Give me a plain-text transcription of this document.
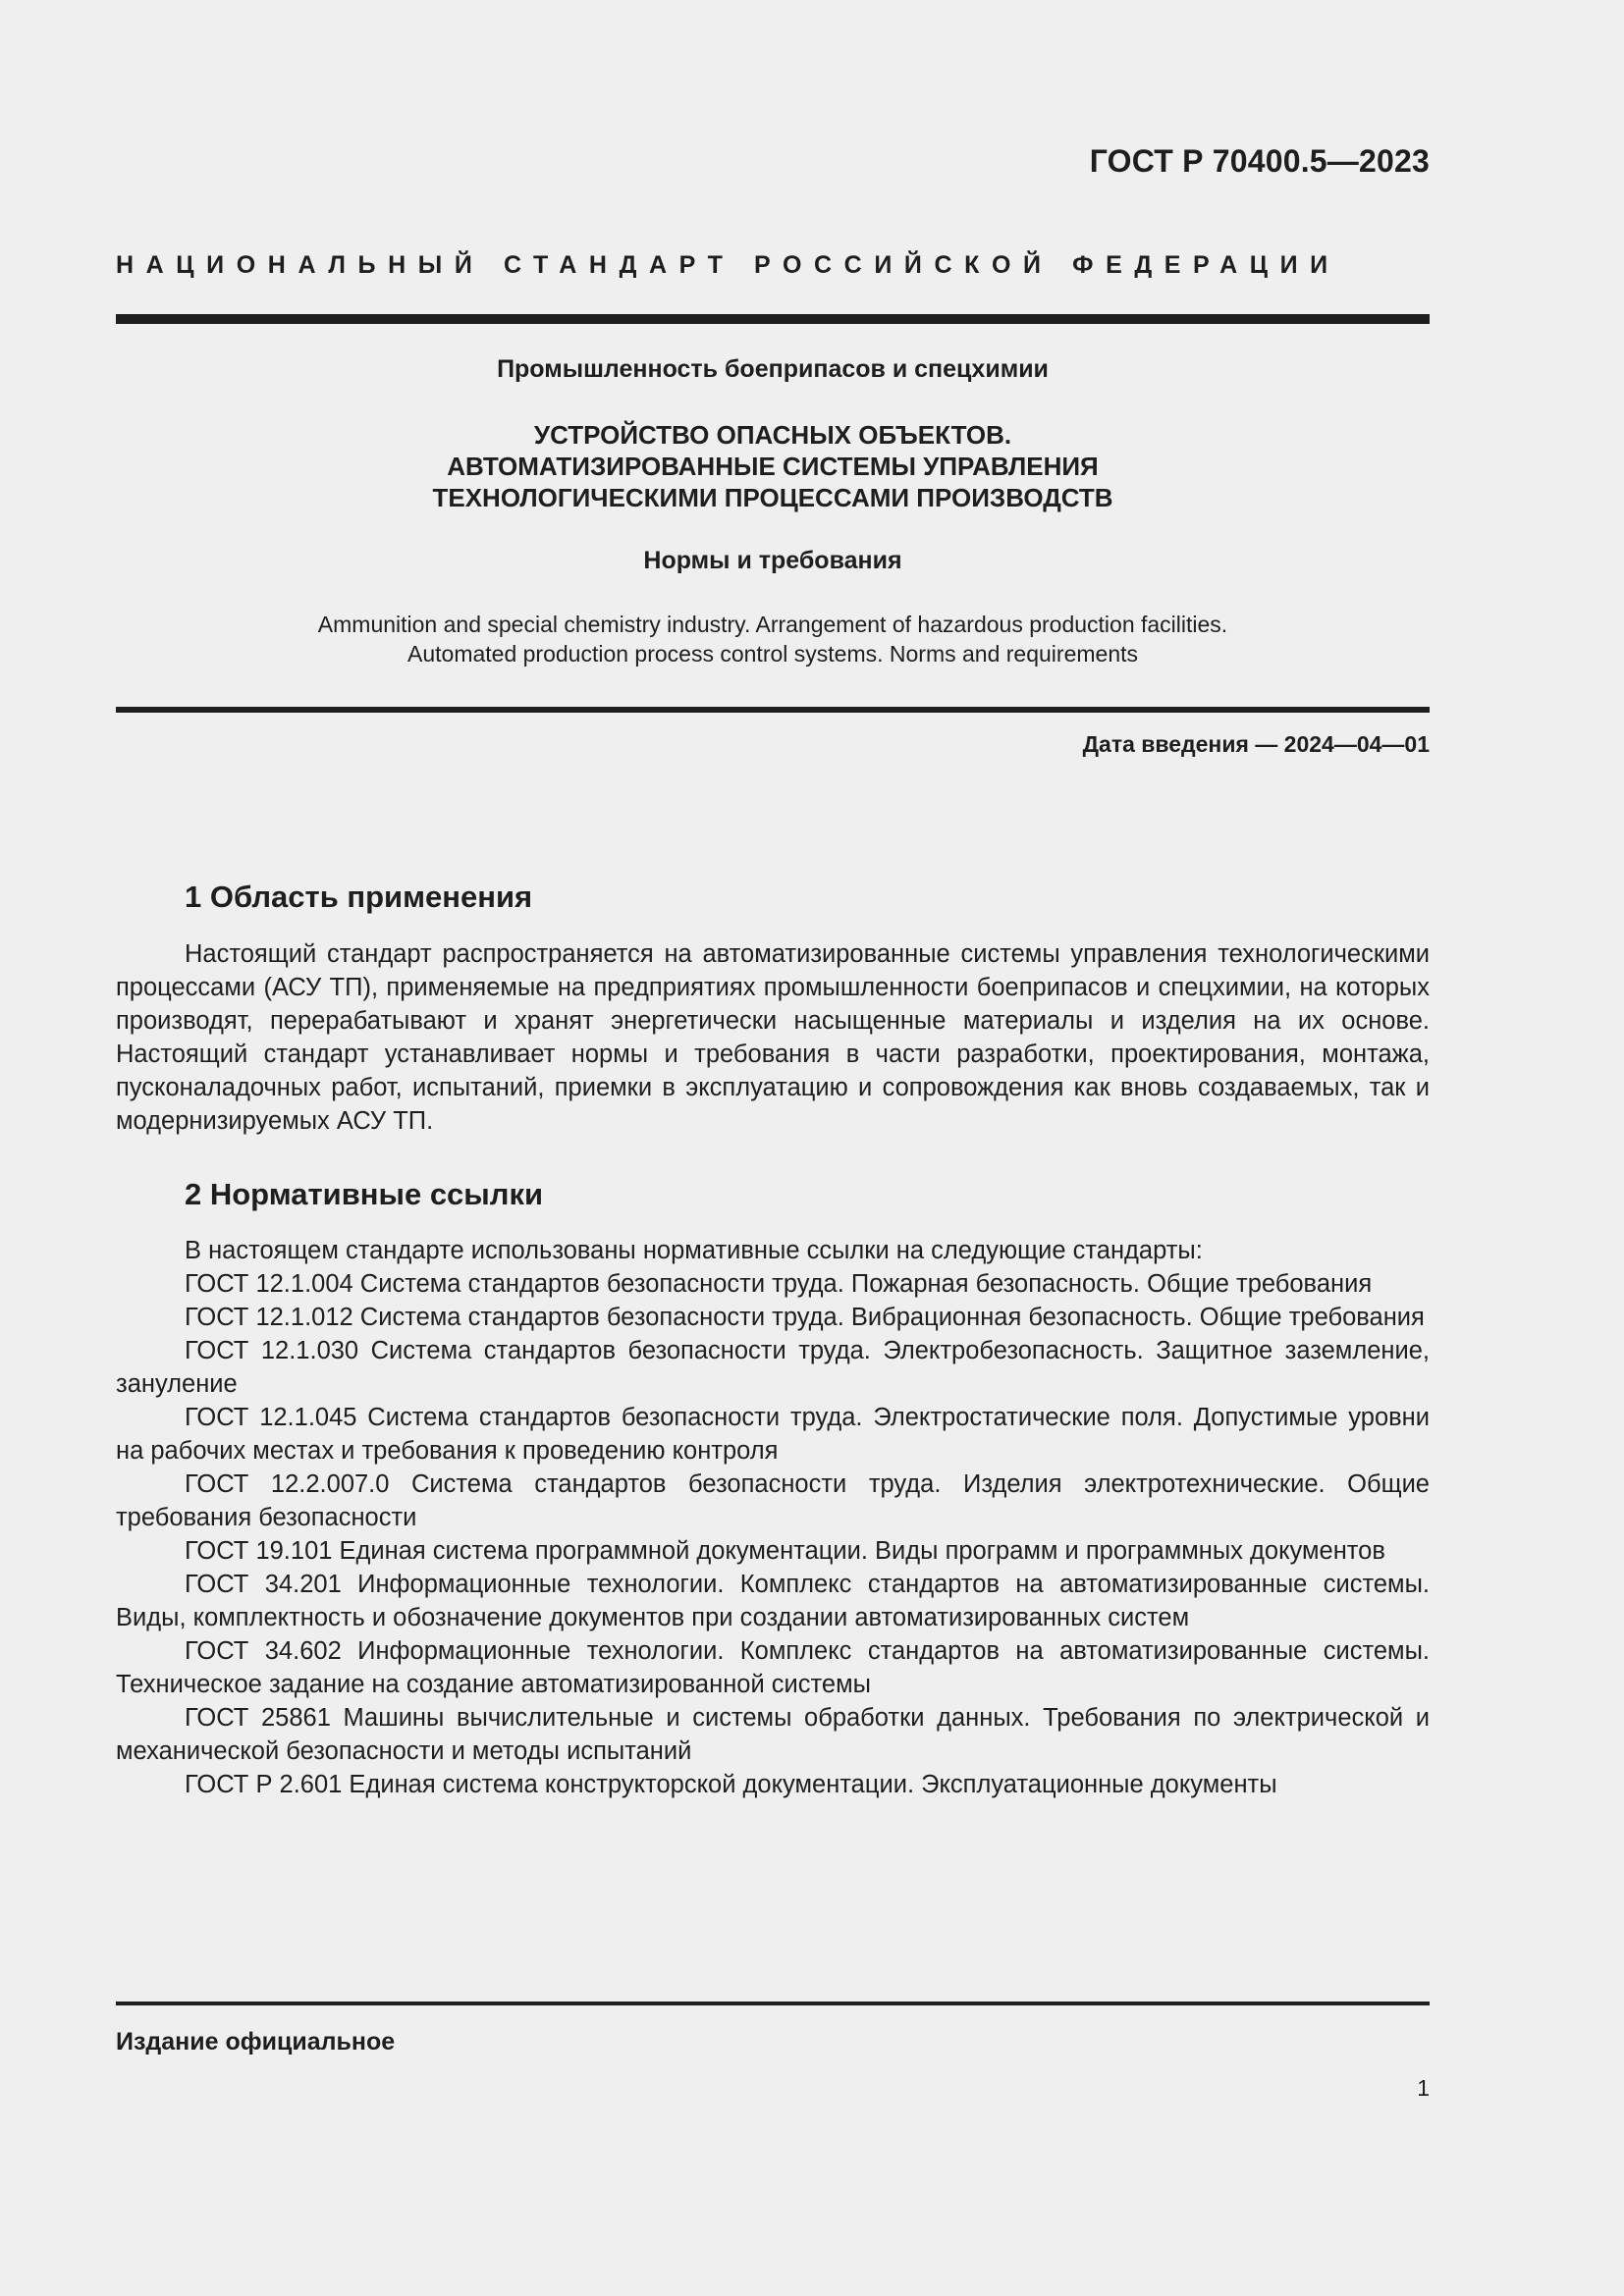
ГОСТ Р 70400.5—2023
НАЦИОНАЛЬНЫЙ СТАНДАРТ РОССИЙСКОЙ ФЕДЕРАЦИИ
Промышленность боеприпасов и спецхимии
УСТРОЙСТВО ОПАСНЫХ ОБЪЕКТОВ.
АВТОМАТИЗИРОВАННЫЕ СИСТЕМЫ УПРАВЛЕНИЯ
ТЕХНОЛОГИЧЕСКИМИ ПРОЦЕССАМИ ПРОИЗВОДСТВ
Нормы и требования
Ammunition and special chemistry industry. Arrangement of hazardous production facilities.
Automated production process control systems. Norms and requirements
Дата введения — 2024—04—01
1 Область применения

Настоящий стандарт распространяется на автоматизированные системы управления технологическими процессами (АСУ ТП), применяемые на предприятиях промышленности боеприпасов и спецхимии, на которых производят, перерабатывают и хранят энергетически насыщенные материалы и изделия на их основе. Настоящий стандарт устанавливает нормы и требования в части разработки, проектирования, монтажа, пусконаладочных работ, испытаний, приемки в эксплуатацию и сопровождения как вновь создаваемых, так и модернизируемых АСУ ТП.

2 Нормативные ссылки

В настоящем стандарте использованы нормативные ссылки на следующие стандарты:

ГОСТ 12.1.004 Система стандартов безопасности труда. Пожарная безопасность. Общие требования

ГОСТ 12.1.012 Система стандартов безопасности труда. Вибрационная безопасность. Общие требования

ГОСТ 12.1.030 Система стандартов безопасности труда. Электробезопасность. Защитное заземление, зануление

ГОСТ 12.1.045 Система стандартов безопасности труда. Электростатические поля. Допустимые уровни на рабочих местах и требования к проведению контроля

ГОСТ 12.2.007.0 Система стандартов безопасности труда. Изделия электротехнические. Общие требования безопасности

ГОСТ 19.101 Единая система программной документации. Виды программ и программных документов

ГОСТ 34.201 Информационные технологии. Комплекс стандартов на автоматизированные системы. Виды, комплектность и обозначение документов при создании автоматизированных систем

ГОСТ 34.602 Информационные технологии. Комплекс стандартов на автоматизированные системы. Техническое задание на создание автоматизированной системы

ГОСТ 25861 Машины вычислительные и системы обработки данных. Требования по электрической и механической безопасности и методы испытаний

ГОСТ Р 2.601 Единая система конструкторской документации. Эксплуатационные документы

Издание официальное
1
